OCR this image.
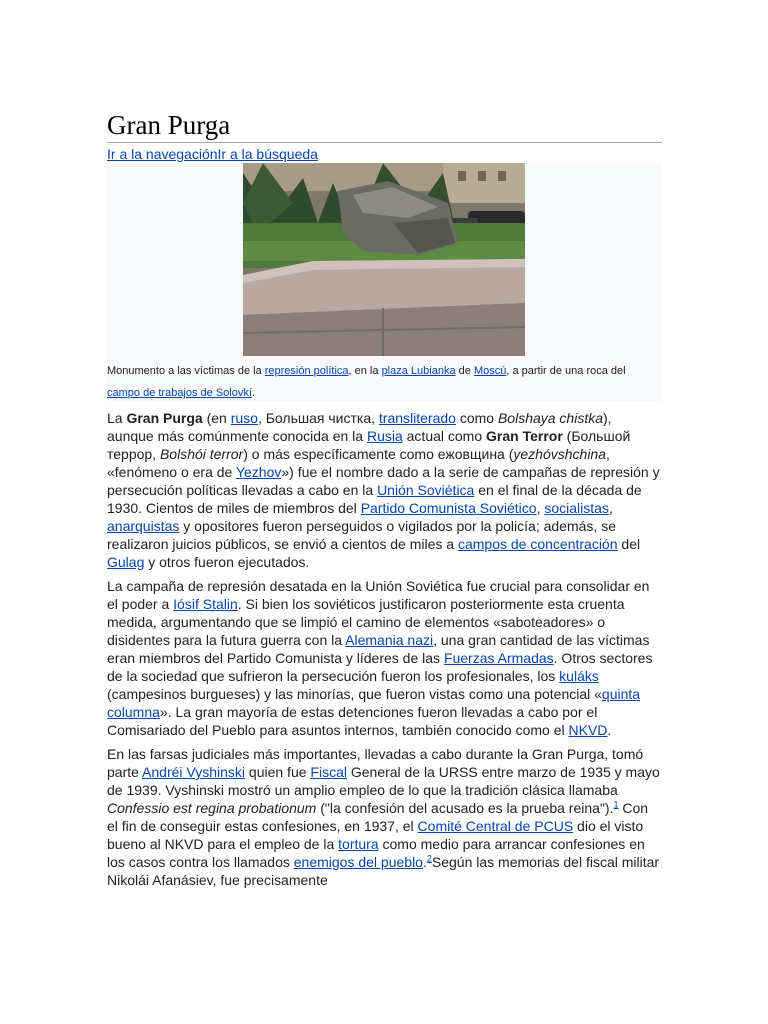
Gran Purga
Ir a la navegaciónIr a la búsqueda
Monumento a las víctimas de la represión política, en la plaza Lubianka de Moscú, a partir de una roca del campo de trabajos de Solovkí.

La Gran Purga (en ruso, Большая чистка, transliterado como Bolshaya chistka), aunque más comúnmente conocida en la Rusia actual como Gran Terror (Большой террор, Bolshói terror) o más específicamente como ежовщина (yezhóvshchina, «fenómeno o era de Yezhov») fue el nombre dado a la serie de campañas de represión y persecución políticas llevadas a cabo en la Unión Soviética en el final de la década de 1930. Cientos de miles de miembros del Partido Comunista Soviético, socialistas, anarquistas y opositores fueron perseguidos o vigilados por la policía; además, se realizaron juicios públicos, se envió a cientos de miles a campos de concentración del Gulag y otros fueron ejecutados.

La campaña de represión desatada en la Unión Soviética fue crucial para consolidar en el poder a Iósif Stalin. Si bien los soviéticos justificaron posteriormente esta cruenta medida, argumentando que se limpió el camino de elementos «saboteadores» o disidentes para la futura guerra con la Alemania nazi, una gran cantidad de las víctimas eran miembros del Partido Comunista y líderes de las Fuerzas Armadas. Otros sectores de la sociedad que sufrieron la persecución fueron los profesionales, los kuláks (campesinos burgueses) y las minorías, que fueron vistas como una potencial «quinta columna». La gran mayoría de estas detenciones fueron llevadas a cabo por el Comisariado del Pueblo para asuntos internos, también conocido como el NKVD.

En las farsas judiciales más importantes, llevadas a cabo durante la Gran Purga, tomó parte Andréi Vyshinski quien fue Fiscal General de la URSS entre marzo de 1935 y mayo de 1939. Vyshinski mostró un amplio empleo de lo que la tradición clásica llamaba Confessio est regina probationum ("la confesión del acusado es la prueba reina").$^1$ Con el fin de conseguir estas confesiones, en 1937, el Comité Central de PCUS dio el visto bueno al NKVD para el empleo de la tortura como medio para arrancar confesiones en los casos contra los llamados enemigos del pueblo.$^2$Según las memorias del fiscal militar Nikolái Afanásiev, fue precisamente
